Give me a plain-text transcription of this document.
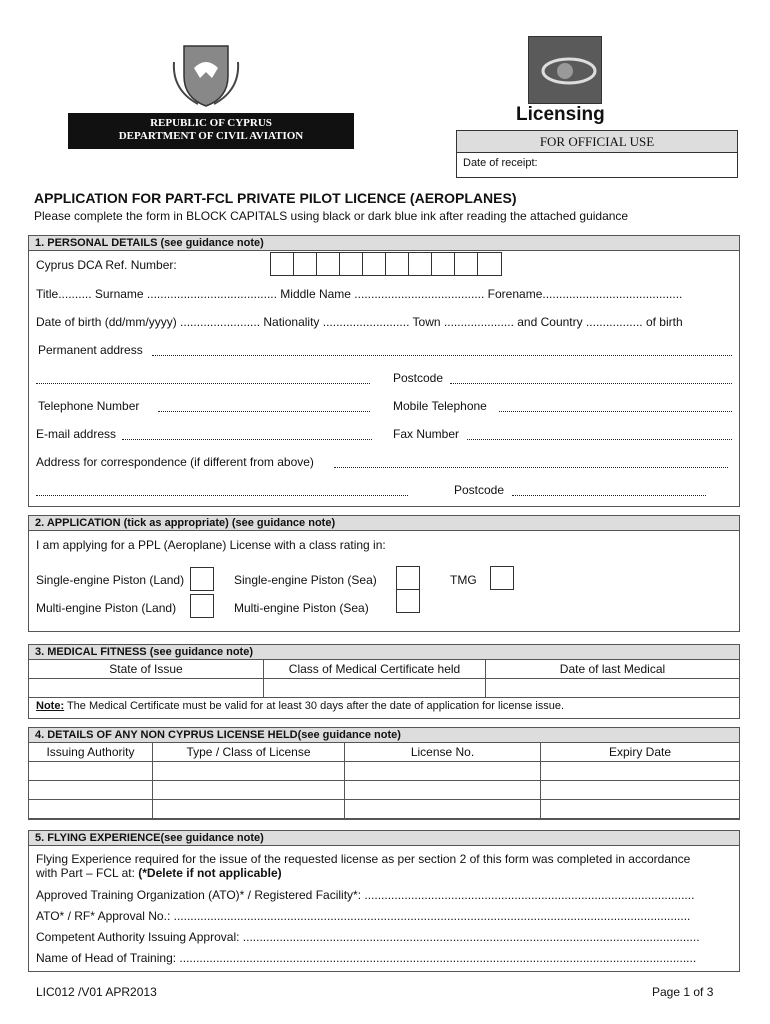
REPUBLIC OF CYPRUS
DEPARTMENT OF CIVIL AVIATION
Licensing
FOR OFFICIAL USE
Date of receipt:
APPLICATION FOR PART-FCL PRIVATE PILOT LICENCE (AEROPLANES)
Please complete the form in BLOCK CAPITALS using black or dark blue ink after reading the attached guidance
1. PERSONAL DETAILS (see guidance note)
Cyprus DCA Ref. Number:
Title.......... Surname ....................................... Middle Name ....................................... Forename..........................................
Date of birth (dd/mm/yyyy) ........................ Nationality .......................... Town ..................... and Country ................. of birth
Permanent address
Postcode
Telephone Number	Mobile Telephone
E-mail address	Fax Number
Address for correspondence (if different from above)
Postcode
2. APPLICATION (tick as appropriate) (see guidance note)
I am applying for a PPL (Aeroplane) License with a class rating in:
Single-engine Piston (Land)	Single-engine Piston (Sea)	TMG
Multi-engine Piston (Land)	Multi-engine Piston (Sea)
3. MEDICAL FITNESS (see guidance note)
State of Issue	Class of Medical Certificate held	Date of last Medical

Note: The Medical Certificate must be valid for at least 30 days after the date of application for license issue.
4. DETAILS OF ANY NON CYPRUS LICENSE HELD(see guidance note)
Issuing Authority	Type / Class of License	License No.	Expiry Date

5. FLYING EXPERIENCE(see guidance note)
Flying Experience required for the issue of the requested license as per section 2 of this form was completed in accordance
with Part – FCL at: (*Delete if not applicable)
Approved Training Organization (ATO)* / Registered Facility*: ...................................................................................................
ATO* / RF* Approval No.: ...........................................................................................................................................................
Competent Authority Issuing Approval: .........................................................................................................................................
Name of Head of Training: ...........................................................................................................................................................
LIC012 /V01 APR2013	Page 1 of 3
